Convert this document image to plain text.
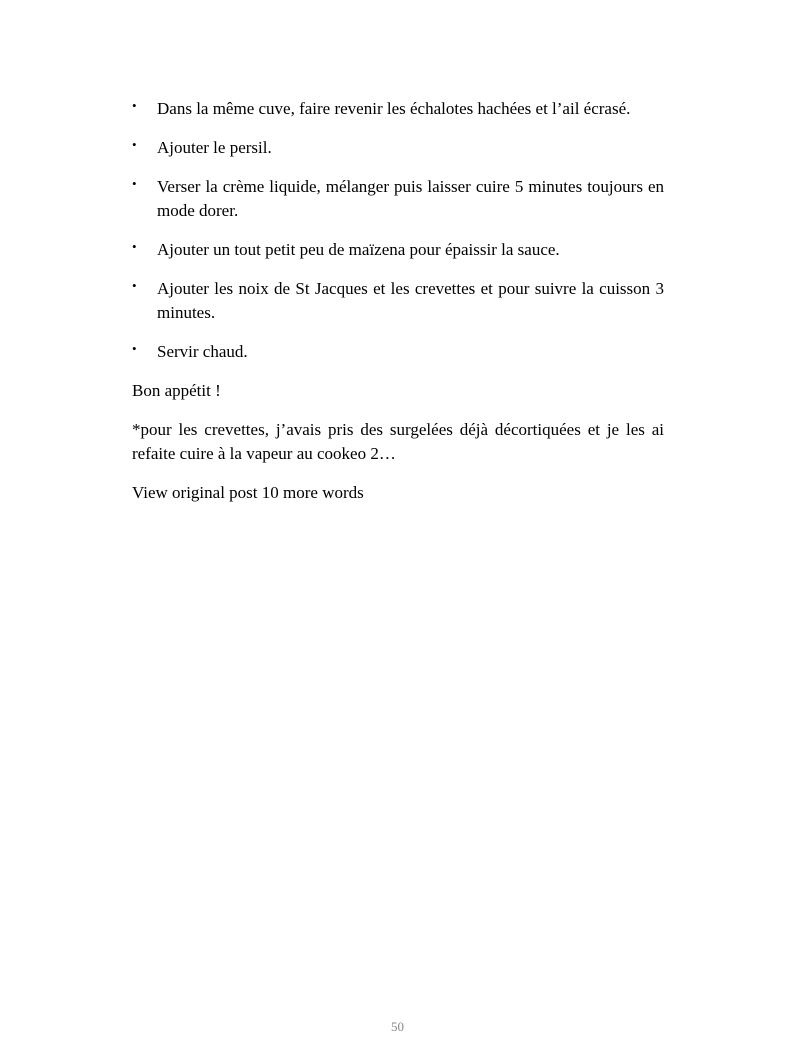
• Dans la même cuve, faire revenir les échalotes hachées et l’ail écrasé.
• Ajouter le persil.
• Verser la crème liquide, mélanger puis laisser cuire 5 minutes toujours en mode dorer.
• Ajouter un tout petit peu de maïzena pour épaissir la sauce.
• Ajouter les noix de St Jacques et les crevettes et pour suivre la cuisson 3 minutes.
• Servir chaud.

Bon appétit !

*pour les crevettes, j’avais pris des surgelées déjà décortiquées et je les ai refaite cuire à la vapeur au cookeo 2…

View original post 10 more words

50
